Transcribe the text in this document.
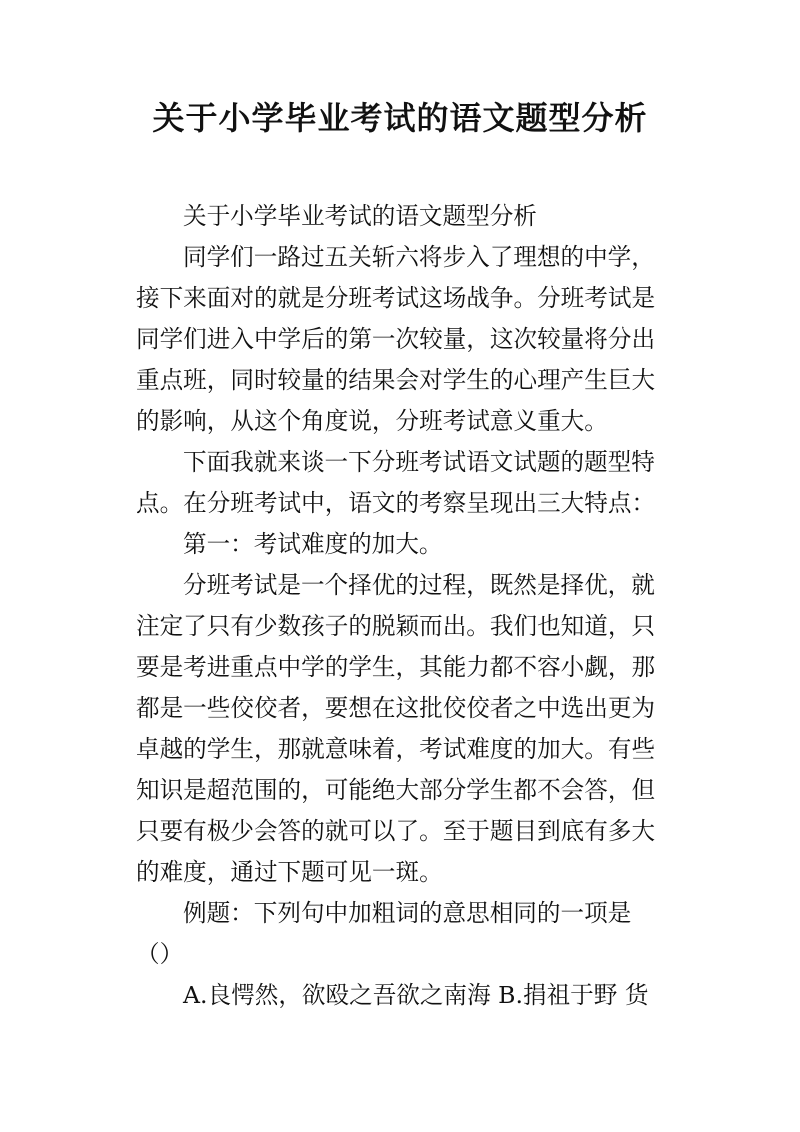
关于小学毕业考试的语文题型分析
关于小学毕业考试的语文题型分析
同学们一路过五关斩六将步入了理想的中学，
接下来面对的就是分班考试这场战争。分班考试是
同学们进入中学后的第一次较量，这次较量将分出
重点班，同时较量的结果会对学生的心理产生巨大
的影响，从这个角度说，分班考试意义重大。
下面我就来谈一下分班考试语文试题的题型特
点。在分班考试中，语文的考察呈现出三大特点：
第一：考试难度的加大。
分班考试是一个择优的过程，既然是择优，就
注定了只有少数孩子的脱颖而出。我们也知道，只
要是考进重点中学的学生，其能力都不容小觑，那
都是一些佼佼者，要想在这批佼佼者之中选出更为
卓越的学生，那就意味着，考试难度的加大。有些
知识是超范围的，可能绝大部分学生都不会答，但
只要有极少会答的就可以了。至于题目到底有多大
的难度，通过下题可见一斑。
例题：下列句中加粗词的意思相同的一项是
（）
A.良愕然，欲殴之吾欲之南海 B.捐祖于野 货
